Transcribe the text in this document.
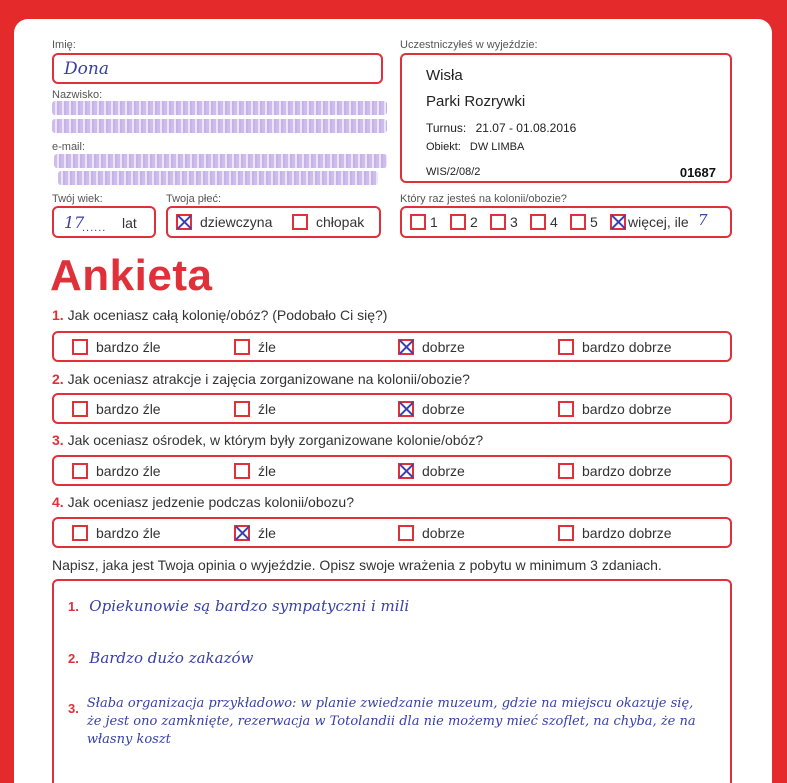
Imię:
Dona
Nazwisko:
e-mail:
Uczestniczyłeś w wyjeździe:
Wisła
Parki Rozrywki
Turnus: 21.07 - 01.08.2016
Obiekt: DW LIMBA
WIS/2/08/2	01687
Twój wiek:
17
...... lat
Twoja płeć:
dziewczyna	chłopak
Który raz jesteś na kolonii/obozie?
1	2	3	4	5	więcej, ile 7
Ankieta
1. Jak oceniasz całą kolonię/obóz? (Podobało Ci się?)
bardzo źle	źle	dobrze	bardzo dobrze
2. Jak oceniasz atrakcje i zajęcia zorganizowane na kolonii/obozie?
bardzo źle	źle	dobrze	bardzo dobrze
3. Jak oceniasz ośrodek, w którym były zorganizowane kolonie/obóz?
bardzo źle	źle	dobrze	bardzo dobrze
4. Jak oceniasz jedzenie podczas kolonii/obozu?
bardzo źle	źle	dobrze	bardzo dobrze
Napisz, jaka jest Twoja opinia o wyjeździe. Opisz swoje wrażenia z pobytu w minimum 3 zdaniach.
1. Opiekunowie są bardzo sympatyczni i mili
2. Bardzo dużo zakazów
3. Słaba organizacja przykładowo: w planie zwiedzanie muzeum, gdzie na miejscu okazuje się, że jest ono zamknięte, rezerwacja w Totolandii dla nie możemy mieć szoflet, na chyba, że na własny koszt
